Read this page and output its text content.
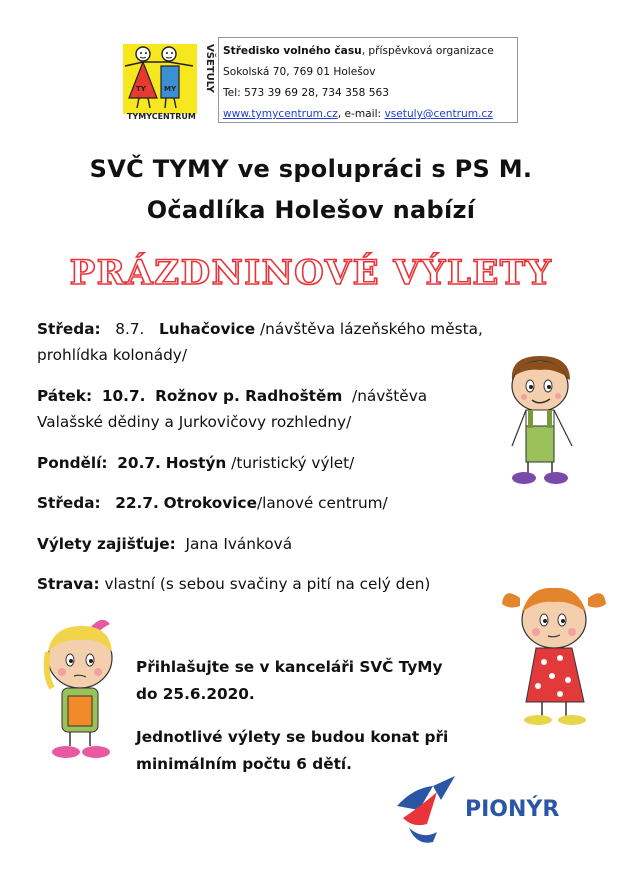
TY	MY
TYMYCENTRUM
VŠETULY Středisko volného času, příspěvková organizace
Sokolská 70, 769 01 Holešov
Tel: 573 39 69 28, 734 358 563
www.tymycentrum.cz, e-mail: vsetuly@centrum.cz
SVČ TYMY ve spolupráci s PS M.
Očadlíka Holešov nabízí
PRÁZDNINOVÉ VÝLETY
Středa: 8.7. Luhačovice /návštěva lázeňského města,
prohlídka kolonády/
Pátek: 10.7. Rožnov p. Radhoštěm  /návštěva
Valašské dědiny a Jurkovičovy rozhledny/
Pondělí: 20.7. Hostýn /turistický výlet/
Středa: 22.7. Otrokovice/lanové centrum/
Výlety zajišťuje: Jana Ivánková
Strava: vlastní (s sebou svačiny a pití na celý den)
Přihlašujte se v kanceláři SVČ TyMy
do 25.6.2020.
Jednotlivé výlety se budou konat při
minimálním počtu 6 dětí.
PIONÝR
